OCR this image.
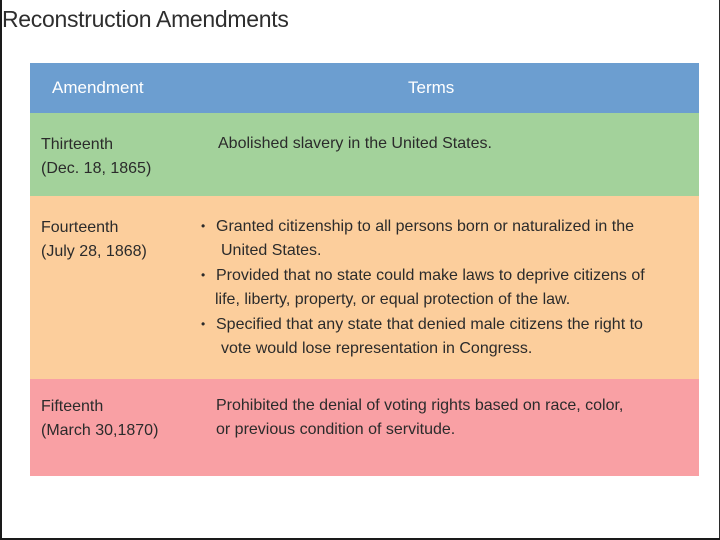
Reconstruction Amendments
Amendment	Terms
Thirteenth
(Dec. 18, 1865)
Abolished slavery in the United States.
Fourteenth
(July 28, 1868)
• Granted citizenship to all persons born or naturalized in the
United States.
• Provided that no state could make laws to deprive citizens of
life, liberty, property, or equal protection of the law.
• Specified that any state that denied male citizens the right to
vote would lose representation in Congress.
Fifteenth
(March 30,1870)
Prohibited the denial of voting rights based on race, color,
or previous condition of servitude.
